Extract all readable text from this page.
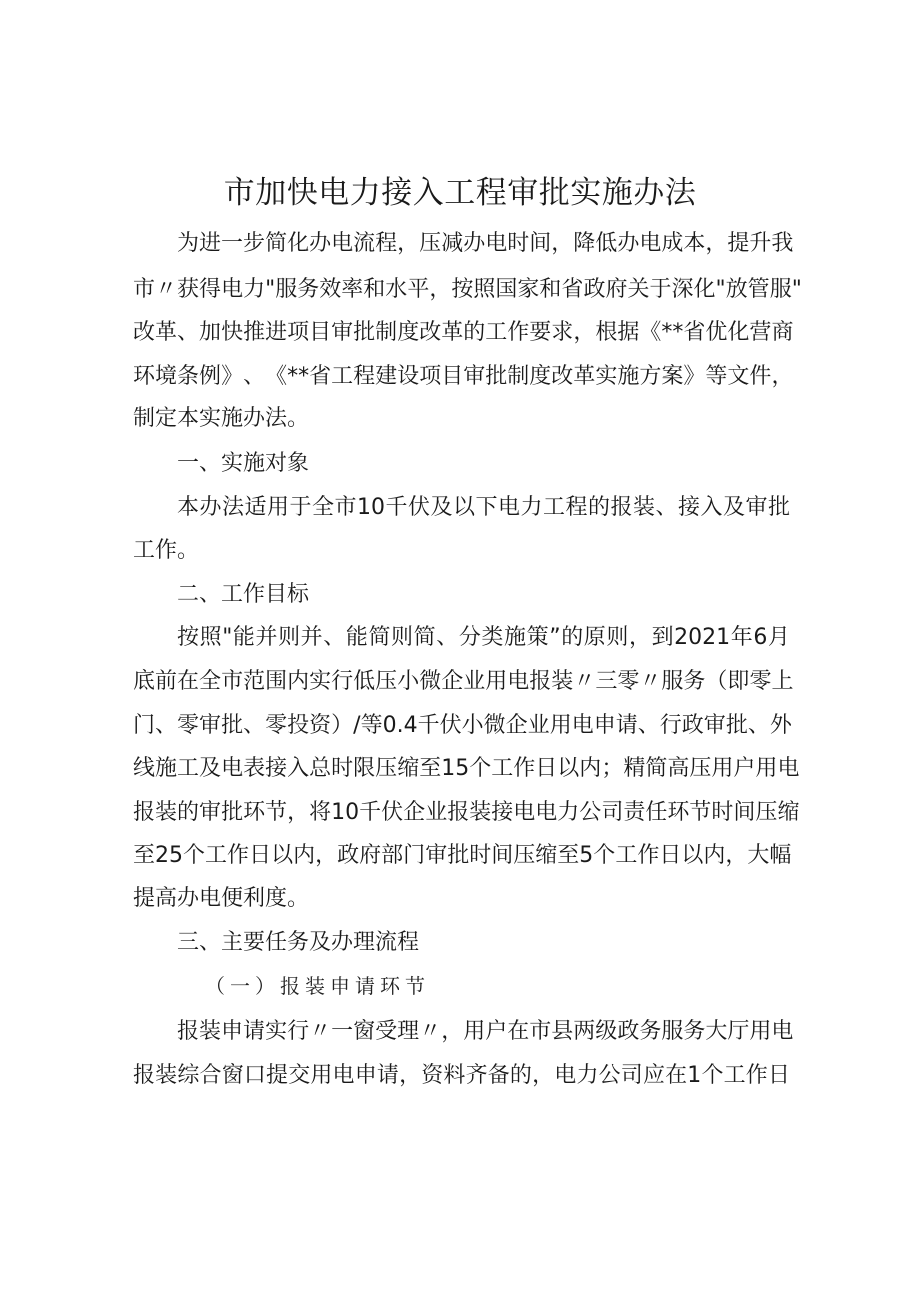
市加快电力接入工程审批实施办法
为 进 一 步 简 化 办 电 流 程 ， 压 减 办 电 时 间 ， 降 低 办 电 成 本 ， 提 升 我
市 〃 获 得 电 力 " 服 务 效 率 和 水 平 ， 按 照 国 家 和 省 政 府 关 于 深 化 " 放 管 服 "
改 革 、 加 快 推 进 项 目 审 批 制 度 改 革 的 工 作 要 求 ， 根 据 《 ** 省 优 化 营 商
环 境 条 例 》 、 《 ** 省 工 程 建 设 项 目 审 批 制 度 改 革 实 施 方 案 》 等 文 件 ，
制定本实施办法。
一、实施对象
本 办 法 适 用 于 全 市 10 千 伏 及 以 下 电 力 工 程 的 报 装 、 接 入 及 审 批
工作。
二、工作目标
按 照 " 能 并 则 并 、 能 简 则 简 、 分 类 施 策 ” 的 原 则 ， 到 2021 年 6 月
底 前 在 全 市 范 围 内 实 行 低 压 小 微 企 业 用 电 报 装 〃 三 零 〃 服 务 （ 即 零 上
门 、 零 审 批 、 零 投 资 ） / 等 0.4 千 伏 小 微 企 业 用 电 申 请 、 行 政 审 批 、 外
线 施 工 及 电 表 接 入 总 时 限 压 缩 至 15 个 工 作 日 以 内 ； 精 简 高 压 用 户 用 电
报 装 的 审 批 环 节 ， 将 10 千 伏 企 业 报 装 接 电 电 力 公 司 责 任 环 节 时 间 压 缩
至 25 个 工 作 日 以 内 ， 政 府 部 门 审 批 时 间 压 缩 至 5 个 工 作 日 以 内 ， 大 幅
提高办电便利度。
三、主要任务及办理流程
（一）报装申请环节
报 装 申 请 实 行 〃 一 窗 受 理 〃 ， 用 户 在 市 县 两 级 政 务 服 务 大 厅 用 电
报 装 综 合 窗 口 提 交 用 电 申 请 ， 资 料 齐 备 的 ， 电 力 公 司 应 在 1 个 工 作 日
